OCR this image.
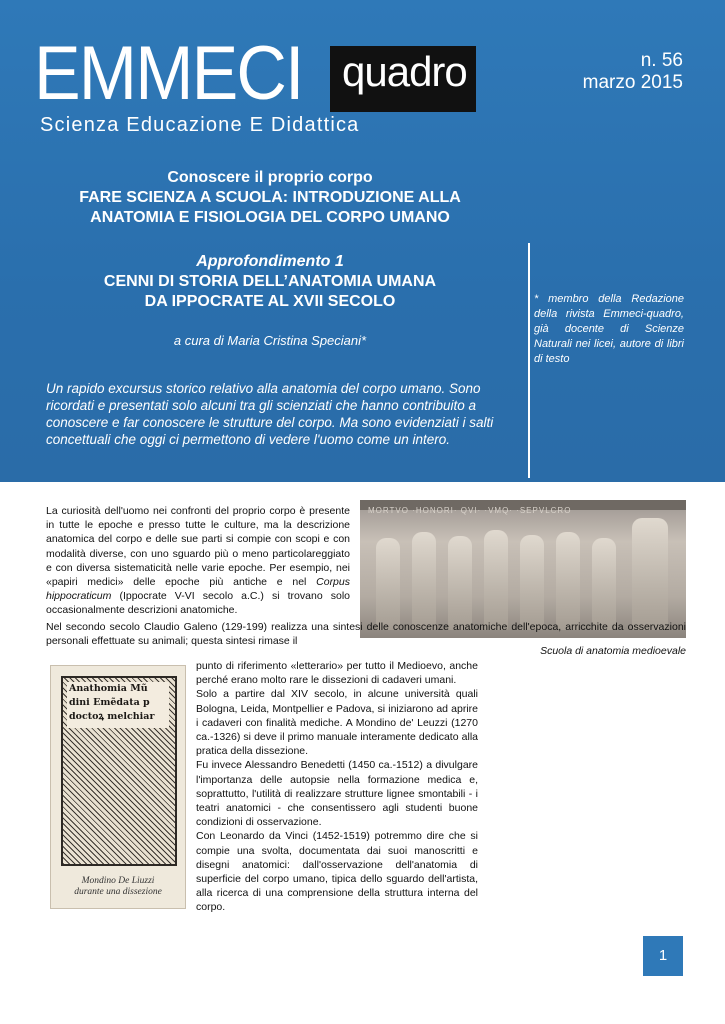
EMMECI quadro
Scienza Educazione E Didattica
n. 56
marzo 2015
Conoscere il proprio corpo
FARE SCIENZA A SCUOLA: INTRODUZIONE ALLA
ANATOMIA E FISIOLOGIA DEL CORPO UMANO
Approfondimento 1
CENNI DI STORIA DELL’ANATOMIA UMANA
DA IPPOCRATE AL XVII SECOLO
a cura di Maria Cristina Speciani*
* membro della Redazione della rivista Emmeci-quadro, già docente di Scienze Naturali nei licei, autore di libri di testo
Un rapido excursus storico relativo alla anatomia del corpo umano. Sono ricordati e presentati solo alcuni tra gli scienziati che hanno contribuito a conoscere e far conoscere le strutture del corpo. Ma sono evidenziati i salti concettuali che oggi ci permettono di vedere l'uomo come un intero.
La curiosità dell'uomo nei confronti del proprio corpo è presente in tutte le epoche e presso tutte le culture, ma la descrizione anatomica del corpo e delle sue parti si compie con scopi e con modalità diverse, con uno sguardo più o meno particolareggiato e con diversa sistematicità nelle varie epoche. Per esempio, nei «papiri medici» delle epoche più antiche e nel Corpus hippocraticum (Ippocrate V-VI secolo a.C.) si trovano solo occasionalmente descrizioni anatomiche.
MORTVO ·HONORI· QVI· ·VMQ· ·SEPVLCRO
Scuola di anatomia medioevale
Nel secondo secolo Claudio Galeno (129-199) realizza una sintesi delle conoscenze anatomiche dell'epoca, arricchite da osservazioni personali effettuate su animali; questa sintesi rimase il
Anathomia Mũ
dini Emẽdata p
doctoꝝ melchiar
Mondino De Liuzzi
durante una dissezione
punto di riferimento «letterario» per tutto il Medioevo, anche perché erano molto rare le dissezioni di cadaveri umani.
Solo a partire dal XIV secolo, in alcune università quali Bologna, Leida, Montpellier e Padova, si iniziarono ad aprire i cadaveri con finalità mediche. A Mondino de' Leuzzi (1270 ca.-1326) si deve il primo manuale interamente dedicato alla pratica della dissezione.
Fu invece Alessandro Benedetti (1450 ca.-1512) a divulgare l'importanza delle autopsie nella formazione medica e, soprattutto, l'utilità di realizzare strutture lignee smontabili - i teatri anatomici - che consentissero agli studenti buone condizioni di osservazione.
Con Leonardo da Vinci (1452-1519) potremmo dire che si compie una svolta, documentata dai suoi manoscritti e disegni anatomici: dall'osservazione dell'anatomia di superficie del corpo umano, tipica dello sguardo dell'artista, alla ricerca di una comprensione della struttura interna del corpo.
1
